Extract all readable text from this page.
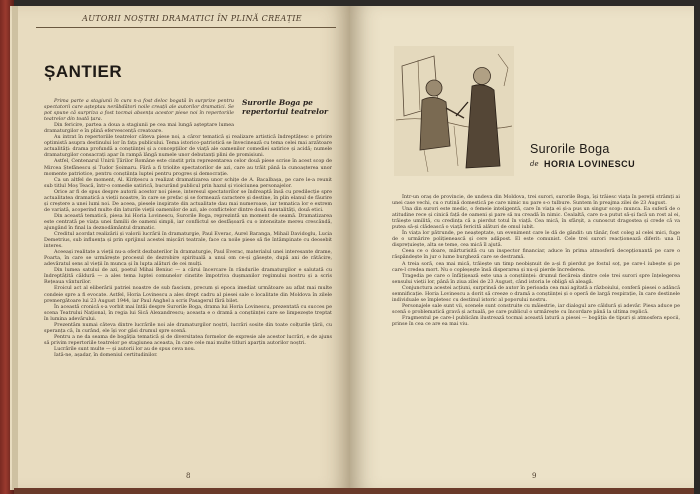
AUTORII NOȘTRI DRAMATICI ÎN PLINĂ CREAȚIE
ȘANTIER
Surorile Boga pe repertoriul teatrelor

Prima parte a stagiunii în curs n-a fost deloc bogată în surprize pentru spectatorii care așteptau nerăbdători noile creații ale autorilor dramatici. Se pot spune că surpriza a fost tocmai absența acestor piese noi în repertoriile teatrelor din toată țara.

Din fericire, partea a doua a stagiunii pe cea mai lungă așteptare lumea dramaturgilor e în plină efervescență creatoare.

Au intrat în repertoriile teatrelor câteva piese noi, a căror tematică și realizare artistică îndreptățesc o privire optimistă asupra destinului lor în fața publicului. Tema istorico-patriotică se învecinează cu tema celei mai arzătoare actualități: drama profundă a conștiinței și a concepțiilor de viață ale oamenilor comediei satirice și acidă; numele dramaturgilor consacrați apar în rampă lângă numele unor debutanți plini de promisiuni.

Astfel, Centenarul Unirii Țărilor Române este cinstit prin reprezentarea celor două piese scrise în acest scop de Mircea Ștefănescu și Tudor Șoimaru. Fără a fi triolite spectatorilor de azi, care au trăit până la cunoașterea unor momente patriotice, pentru conștiința luptei pentru progres și democrație.

Ca un altfel de moment, Al. Kirițescu a realizat dramatizarea unor schițe de A. Bacalbașa, pe care le-a reunit sub titlul Moș Teacă, într-o comedie satirică, bucurând publicul prin hazul și vioiciunea personajelor.

Orice ar fi de spus despre autorii acestor noi piese, interesul spectatorilor se îndreaptă însă cu predilecție spre actualitatea dramatică a vieții noastre, în care se prefac și se formează caractere și destine, în plin elanul de făurire și creștere a unei lumi noi. De aceea, piesele inspirate din actualitate dau mai numeroase, iar tematica lor e extrem de variată, acoperind multe din laturile vieții oamenilor de azi, ale conflictelor dintre două mentalități, două etici.

Din această tematică, piesa lui Horia Lovinescu, Surorile Boga, reprezintă un moment de seamă. Dramatizarea este centrată pe viața unei familii de oameni simpli, iar conflictul se desfășoară cu o intensitate mereu crescândă, ajungând în final la deznodământul dramatic.

Creditul acordat realizării și valorii lucrării în dramaturgie, Paul Everac, Aurel Baranga, Mihail Davidoglu, Lucia Demetrius, sub influența și prin sprijinul acestei mișcări teatrale, face ca noile piese să fie întâmpinate cu deosebit interes.

Aceeași realitate a vieții nu-a oferit dezbaterilor în dramaturgie, Paul Everac, materialul unei interesante drame, Poarta, în care se urmărește procesul de dezrobire spirituală a unui om ce-și găsește, după ani de rătăcire, adevăratul sens al vieții în munca și în lupta alături de cei mulți.

Din lumea satului de azi, poetul Mihai Beniuc — a cărui încercare în rândurile dramaturgilor e salutată cu îndreptățită căldură — a ales tema luptei comunelor cinstite împotriva dușmanilor regimului nostru și a scris Rețeaua vânturilor.

Eroicul act al eliberării patriei noastre de sub fascism, precum și epoca imediat următoare au aflat mai multe condeie spre a fi evocate. Astfel, Horia Lovinescu a ales drept cadru al piesei sale o localitate din Moldova în zilele premergătoare lui 23 August 1944, iar Paul Anghel a scris Pasagerul fără bilet.

În această cronică s-a vorbit mai întâi despre Surorile Boga, drama lui Horia Lovinescu, prezentată cu succes pe scena Teatrului Național, în regia lui Sică Alexandrescu; aceasta e o dramă a conștiinței care se limpezește treptat în lumina adevărului.

Prezentăm numai câteva dintre lucrările noi ale dramaturgilor noștri, lucrări sosite din toate colțurile țării, cu speranța că, în curând, ele își vor găsi drumul spre scenă.

Pentru a ne da seama de bogăția tematică și de diversitatea formelor de expresie ale acestor lucrări, e de ajuns să privim repertoriile teatrelor pe stagiunea aceasta, în care cele mai multe titluri aparțin autorilor noștri.

Lucrările sunt multe — și autorii lor au de spus ceva nou.

Iată-ne, așadar, în domeniul certitudinilor.

8
Surorile Boga
de HORIA LOVINESCU

Într-un oraș de provincie, de undeva din Moldova, trei surori, surorile Boga, își trăiesc viața în pereții strâmți ai unei case vechi, cu o rutină domestică pe care nimic nu pare s-o tulbure. Suntem în preajma zilei de 23 August.

Una din surori este medic, o femeie inteligentă, care în viața ei și-a pus un singur scop: munca. Ea suferă de o atitudine rece și cinică față de oameni și pare să nu creadă în nimic. Cealaltă, care n-a putut să-și facă un rost al ei, trăiește umilită, cu credința că a pierdut totul în viață. Cea mică, în sfârșit, a cunoscut dragostea și crede că va putea să-și clădească o viață fericită alături de omul iubit.

În viața lor pătrunde, pe neașteptate, un eveniment care le dă de gândit: un tânăr, fost coleg al celei mici, fuge de o urmărire polițienească și cere adăpost. El este comunist. Cele trei surori reacționează diferit: una îl disprețuiește, alta se teme, cea mică îl ajută.

Ceea ce o doare, mărturisită cu un inspector financiar, aduce în prima atmosferă decepționantă pe care o răspândește în jur o lume burgheză care se destramă.

A treia soră, cea mai mică, trăiește un timp neobișnuit de a-și fi pierdut pe fostul soț, pe care-l iubește și pe care-l credea mort. Nu o copleșește însă disperarea și nu-și pierde încrederea.

Tragedia pe care o înfățișează este una a conștiinței: drumul fiecăreia dintre cele trei surori spre înțelegerea sensului vieții lor, până în ziua zilei de 23 August, când istoria le obligă să aleagă.

Conjunctura acestei acțiuni, surprinsă de autor în perioada cea mai agitată a războiului, conferă piesei o adâncă semnificație. Horia Lovinescu a dorit să creeze o dramă a conștiinței și o operă de largă respirație, în care destinele individuale se împletesc cu destinul istoric al poporului nostru.

Personajele sale sunt vii, scenele sunt construite cu măiestrie, iar dialogul are căldură și adevăr. Piesa aduce pe scenă o problematică gravă și actuală, pe care publicul o urmărește cu încordare până la ultima replică.

Fragmentul pe care-l publicăm ilustrează tocmai această latură a piesei — bogăția de tipuri și atmosfera epocii, prinse în cea ce are ea mai viu.

9
